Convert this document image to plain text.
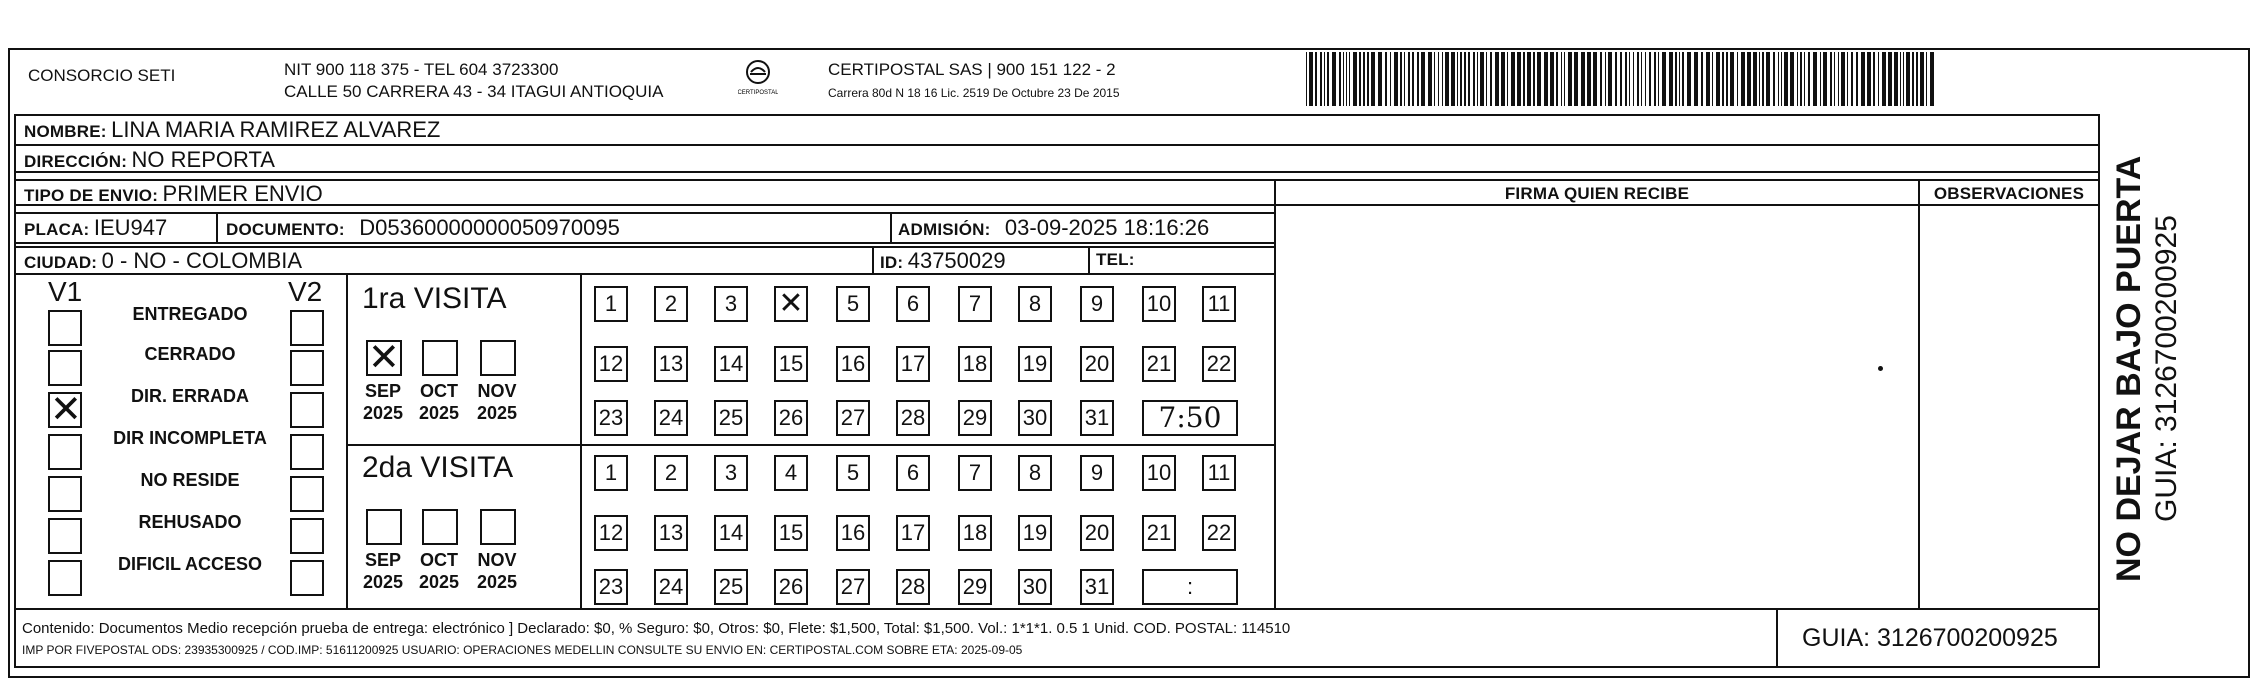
CONSORCIO SETI	NIT 900 118 375 - TEL 604 3723300
CALLE 50 CARRERA 43 - 34 ITAGUI ANTIOQUIA	CERTIPOSTAL
CERTIPOSTAL SAS | 900 151 122 - 2
Carrera 80d N 18 16 Lic. 2519 De Octubre 23 De 2015
NOMBRE: LINA MARIA RAMIREZ ALVAREZ
DIRECCIÓN: NO REPORTA
TIPO DE ENVIO: PRIMER ENVIO
PLACA: IEU947	DOCUMENTO: D05360000000050970095	ADMISIÓN: 03-09-2025 18:16:26
CIUDAD: 0 - NO - COLOMBIA	ID: 43750029	TEL:
FIRMA QUIEN RECIBE	OBSERVACIONES
V1	V2
ENTREGADO
CERRADO
✕	DIR. ERRADA
DIR INCOMPLETA
NO RESIDE
REHUSADO
DIFICIL ACCESO
1ra VISITA
✕
SEP
2025
OCT
2025
NOV
2025
1	2	3	✕	5	6	7	8	9	10 11
12 13 14 15 16 17 18 19 20 21 22
23 24 25 26 27 28 29 30 31	7:50
2da VISITA
SEP
2025
OCT
2025
NOV
2025
1	2	3	4	5	6	7	8	9	10 11
12 13 14 15 16 17 18 19 20 21 22
23 24 25 26 27 28 29 30 31	:
Contenido: Documentos Medio recepción prueba de entrega: electrónico ] Declarado: $0, % Seguro: $0, Otros: $0, Flete: $1,500, Total: $1,500. Vol.: 1*1*1. 0.5 1 Unid. COD. POSTAL: 114510
IMP POR FIVEPOSTAL ODS: 23935300925 / COD.IMP: 51611200925 USUARIO: OPERACIONES MEDELLIN CONSULTE SU ENVIO EN: CERTIPOSTAL.COM SOBRE ETA: 2025-09-05	GUIA: 3126700200925
NO DEJAR BAJO PUERTA GUIA: 3126700200925
